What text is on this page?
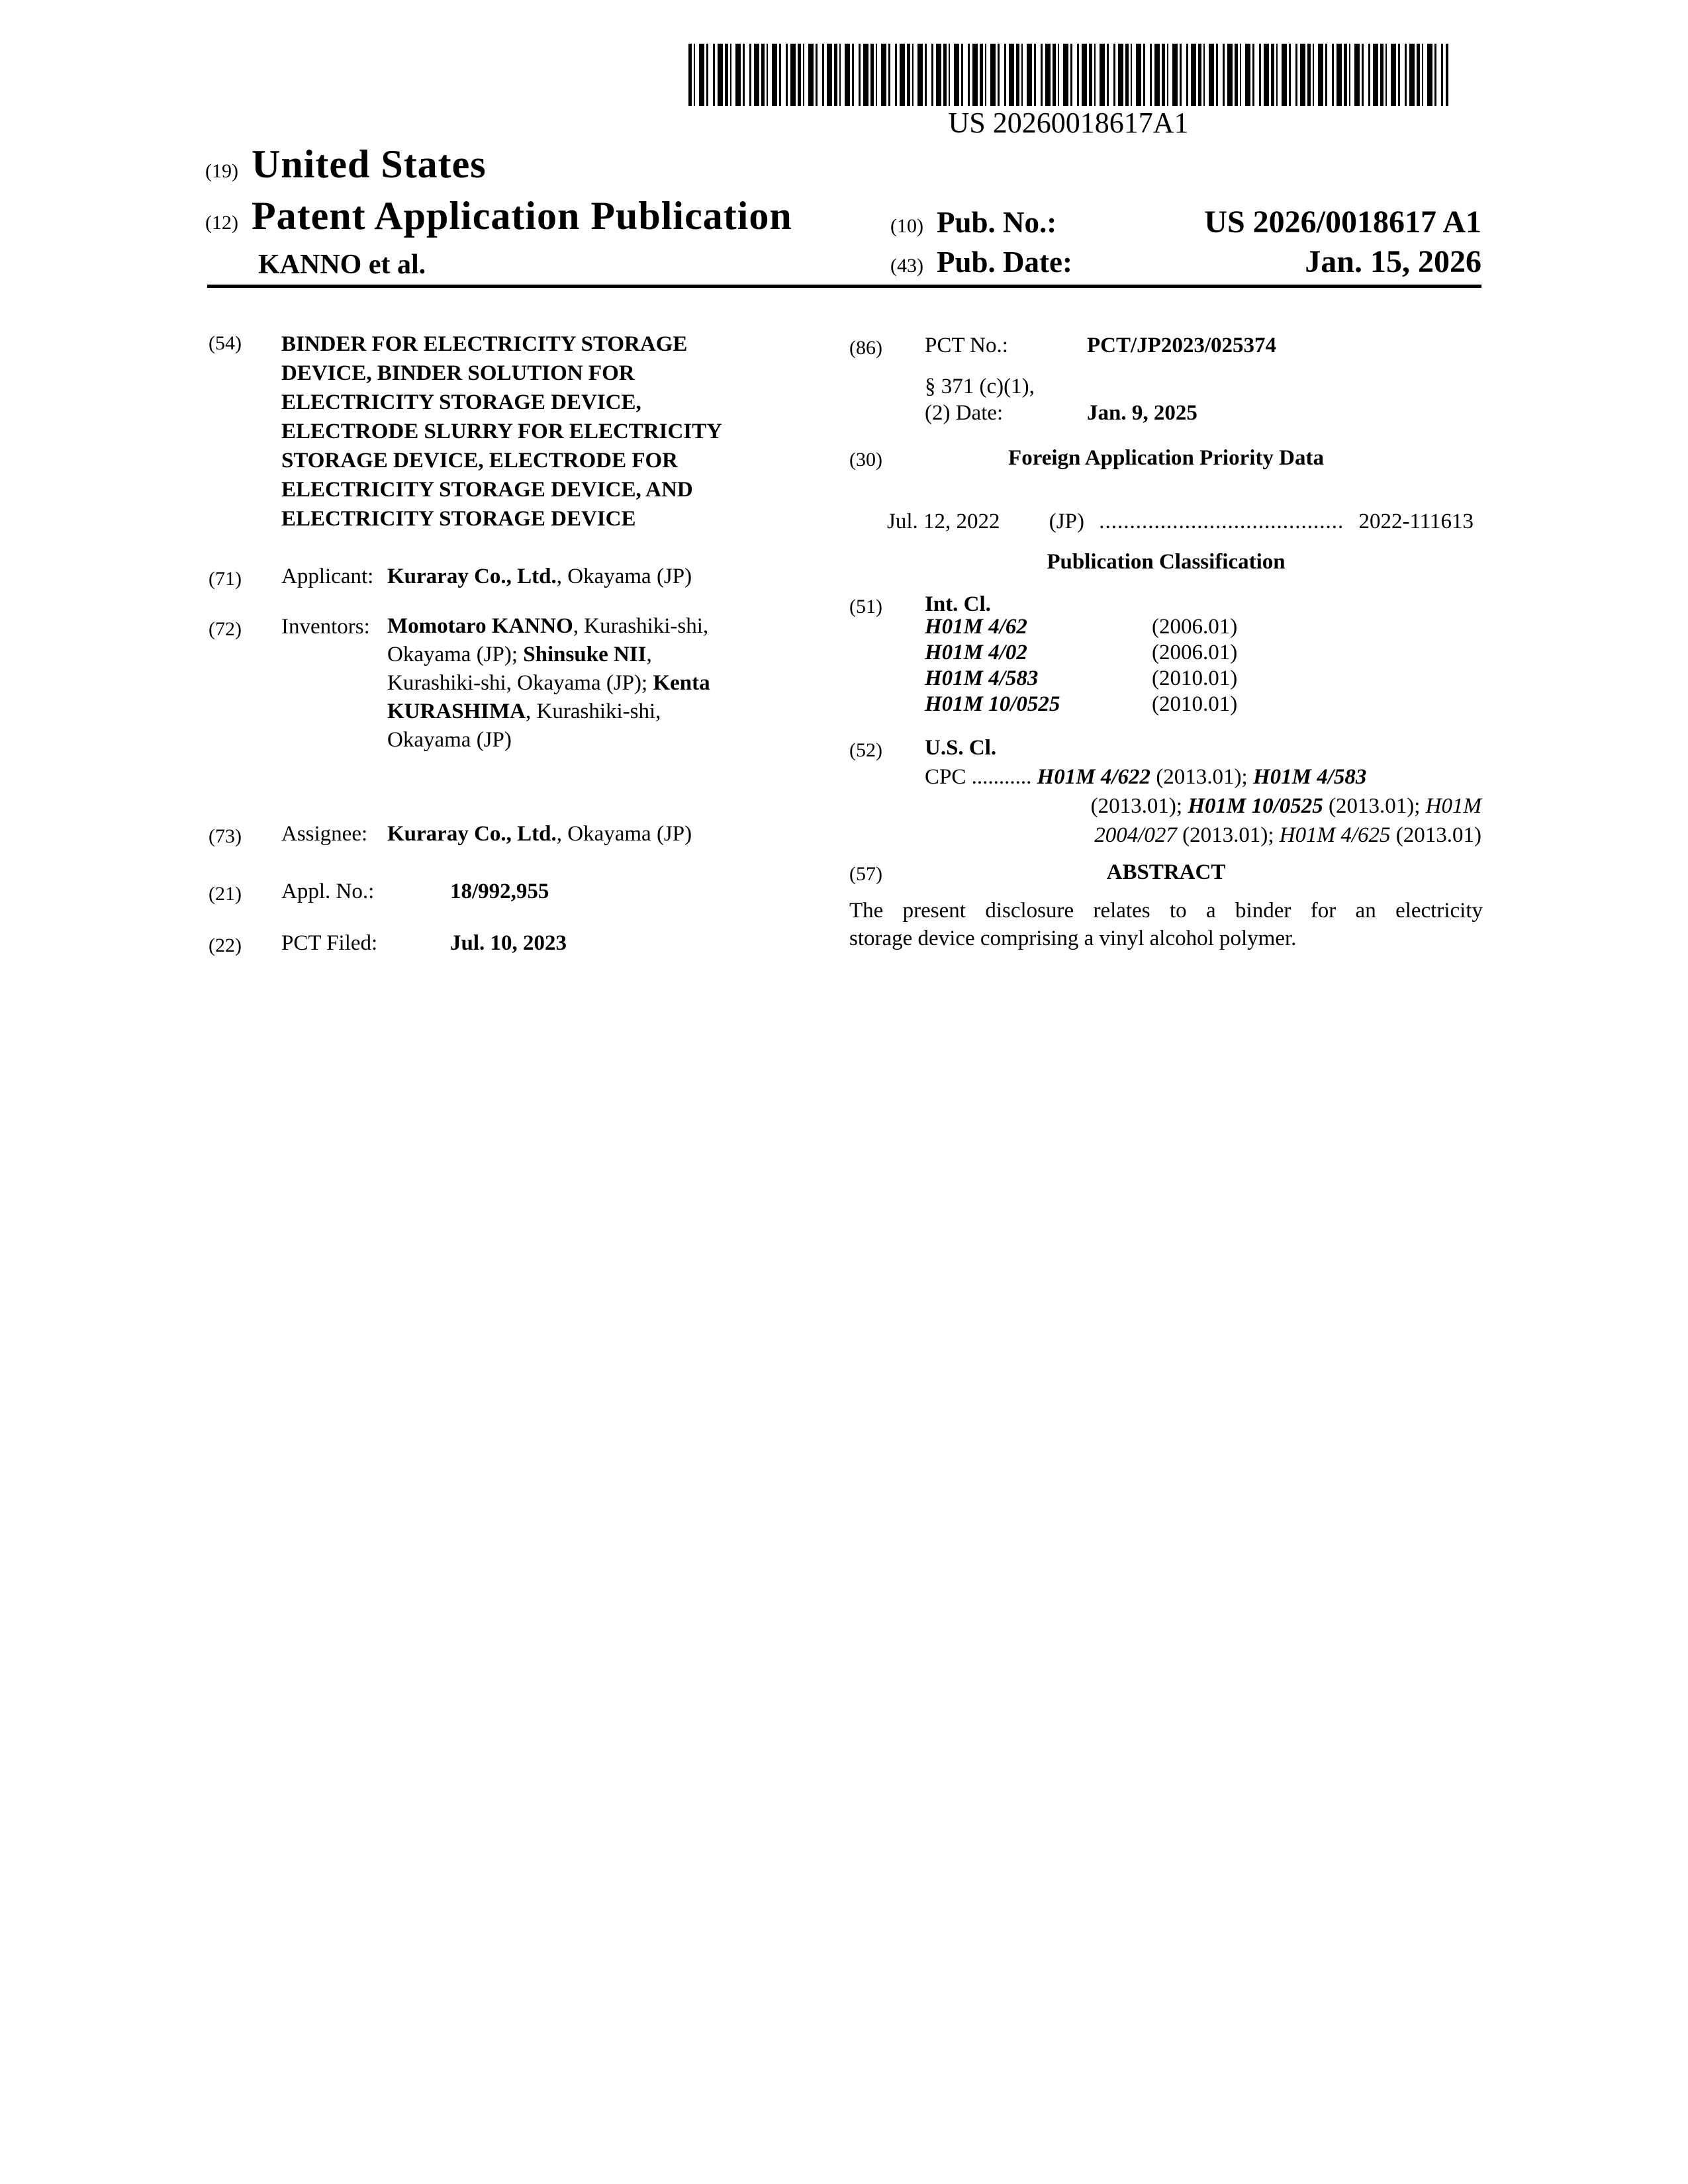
US 20260018617A1
(19) United States
(12) Patent Application Publication	(10) Pub. No.:	US 2026/0018617 A1
KANNO et al.	(43) Pub. Date:	Jan. 15, 2026
(54) BINDER FOR ELECTRICITY STORAGE
DEVICE, BINDER SOLUTION FOR
ELECTRICITY STORAGE DEVICE,
ELECTRODE SLURRY FOR ELECTRICITY
STORAGE DEVICE, ELECTRODE FOR
ELECTRICITY STORAGE DEVICE, AND
ELECTRICITY STORAGE DEVICE
(71) Applicant: Kuraray Co., Ltd., Okayama (JP)
(72) Inventors: Momotaro KANNO, Kurashiki-shi,
Okayama (JP); Shinsuke NII,
Kurashiki-shi, Okayama (JP); Kenta
KURASHIMA, Kurashiki-shi,
Okayama (JP)
(73) Assignee: Kuraray Co., Ltd., Okayama (JP)
(21) Appl. No.:	18/992,955
(22) PCT Filed:	Jul. 10, 2023
(86) PCT No.:	PCT/JP2023/025374
§ 371 (c)(1),
(2) Date:	Jan. 9, 2025
(30)	Foreign Application Priority Data
Jul. 12, 2022 (JP) ........................................ 2022-111613
Publication Classification
(51) Int. Cl.
H01M 4/62	(2006.01)
H01M 4/02	(2006.01)
H01M 4/583	(2010.01)
H01M 10/0525	(2010.01)
(52) U.S. Cl.
CPC ........... H01M 4/622 (2013.01); H01M 4/583
(2013.01); H01M 10/0525 (2013.01); H01M
2004/027 (2013.01); H01M 4/625 (2013.01)
(57)	ABSTRACT
The present disclosure relates to a binder for an electricity
storage device comprising a vinyl alcohol polymer.
